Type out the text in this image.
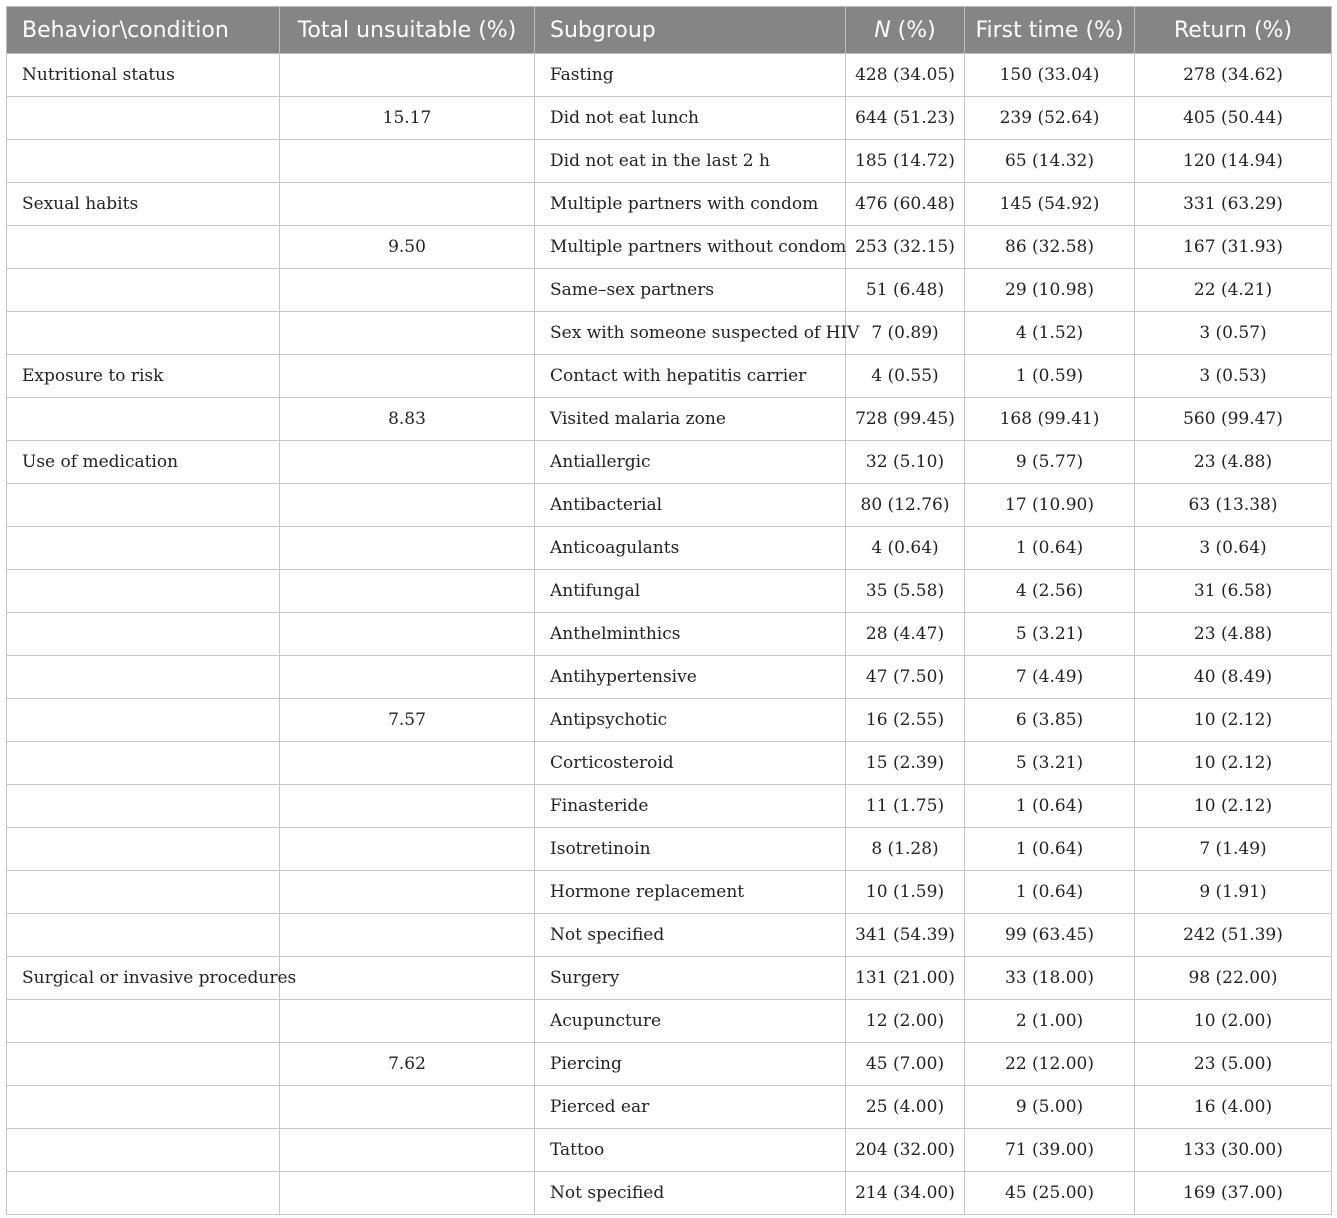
Behavior\condition	Total unsuitable (%)	Subgroup	N (%)	First time (%)	Return (%)
Nutritional status		Fasting	428 (34.05)	150 (33.04)	278 (34.62)
	15.17	Did not eat lunch	644 (51.23)	239 (52.64)	405 (50.44)
		Did not eat in the last 2 h	185 (14.72)	65 (14.32)	120 (14.94)
Sexual habits		Multiple partners with condom	476 (60.48)	145 (54.92)	331 (63.29)
	9.50	Multiple partners without condom	253 (32.15)	86 (32.58)	167 (31.93)
		Same–sex partners	51 (6.48)	29 (10.98)	22 (4.21)
		Sex with someone suspected of HIV	7 (0.89)	4 (1.52)	3 (0.57)
Exposure to risk		Contact with hepatitis carrier	4 (0.55)	1 (0.59)	3 (0.53)
	8.83	Visited malaria zone	728 (99.45)	168 (99.41)	560 (99.47)
Use of medication		Antiallergic	32 (5.10)	9 (5.77)	23 (4.88)
		Antibacterial	80 (12.76)	17 (10.90)	63 (13.38)
		Anticoagulants	4 (0.64)	1 (0.64)	3 (0.64)
		Antifungal	35 (5.58)	4 (2.56)	31 (6.58)
		Anthelminthics	28 (4.47)	5 (3.21)	23 (4.88)
		Antihypertensive	47 (7.50)	7 (4.49)	40 (8.49)
	7.57	Antipsychotic	16 (2.55)	6 (3.85)	10 (2.12)
		Corticosteroid	15 (2.39)	5 (3.21)	10 (2.12)
		Finasteride	11 (1.75)	1 (0.64)	10 (2.12)
		Isotretinoin	8 (1.28)	1 (0.64)	7 (1.49)
		Hormone replacement	10 (1.59)	1 (0.64)	9 (1.91)
		Not specified	341 (54.39)	99 (63.45)	242 (51.39)
Surgical or invasive procedures		Surgery	131 (21.00)	33 (18.00)	98 (22.00)
		Acupuncture	12 (2.00)	2 (1.00)	10 (2.00)
	7.62	Piercing	45 (7.00)	22 (12.00)	23 (5.00)
		Pierced ear	25 (4.00)	9 (5.00)	16 (4.00)
		Tattoo	204 (32.00)	71 (39.00)	133 (30.00)
		Not specified	214 (34.00)	45 (25.00)	169 (37.00)
